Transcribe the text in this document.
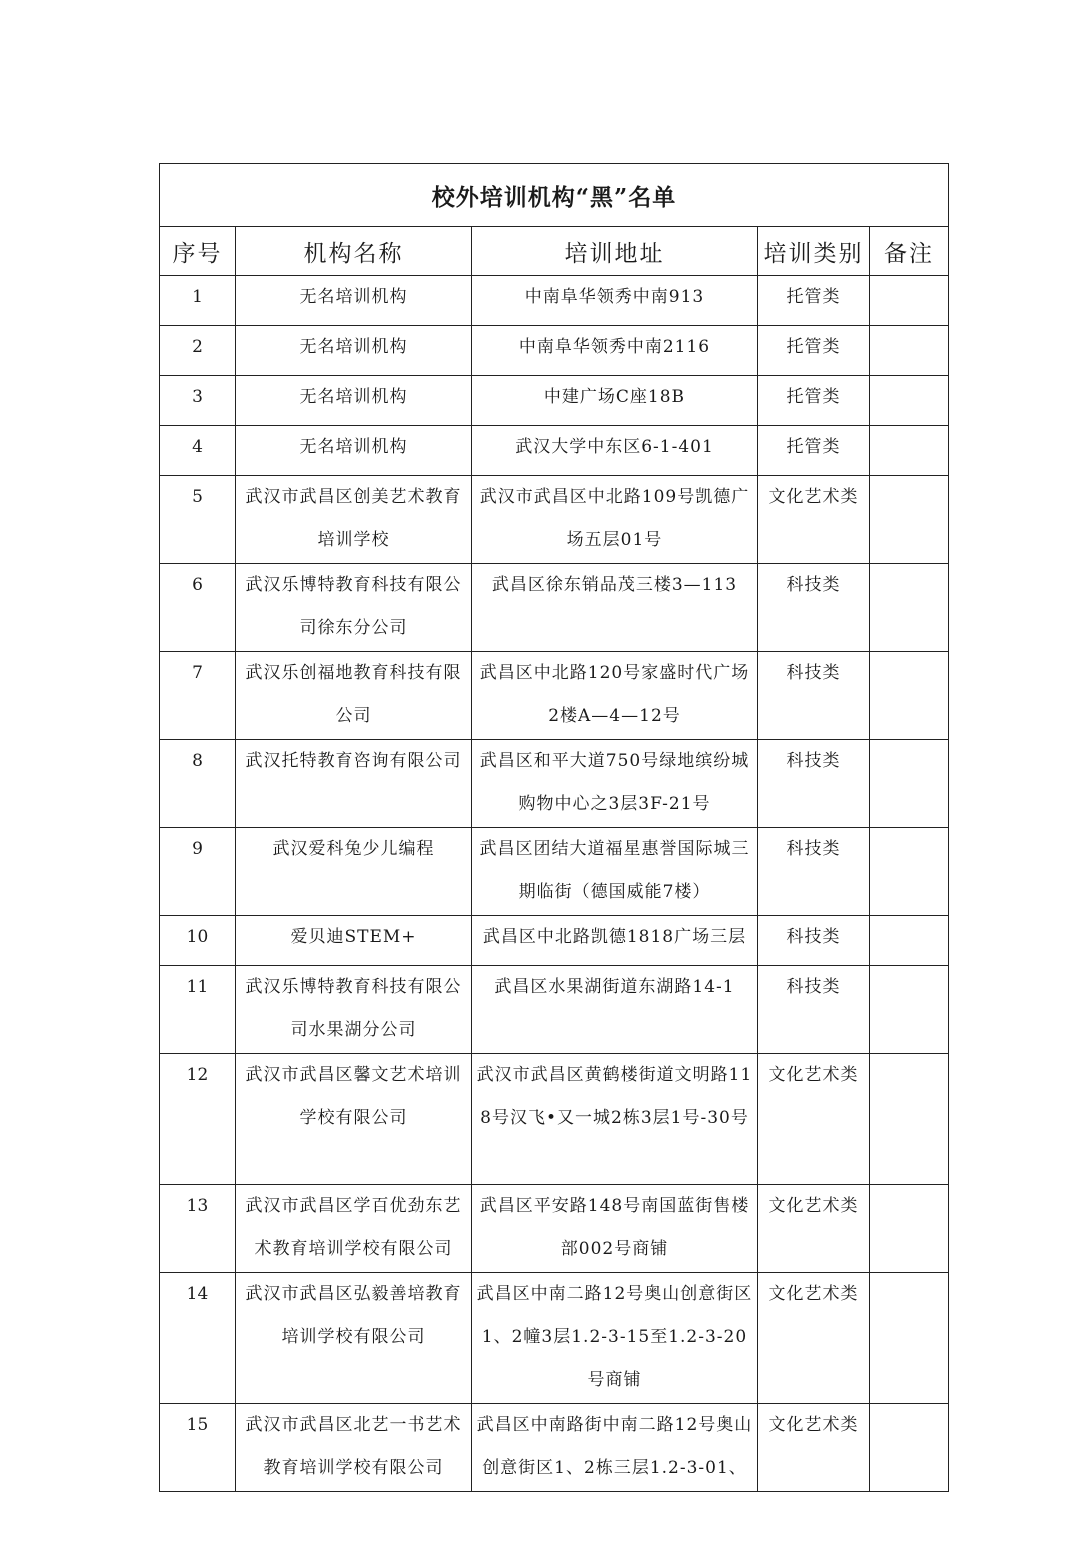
校外培训机构“黑”名单				
序号	机构名称	培训地址	培训类别	备注
1	无名培训机构	中南阜华领秀中南913	托管类	
2	无名培训机构	中南阜华领秀中南2116	托管类	
3	无名培训机构	中建广场C座18B	托管类	
4	无名培训机构	武汉大学中东区6-1-401	托管类	
5	武汉市武昌区创美艺术教育培训学校	武汉市武昌区中北路109号凯德广场五层01号	文化艺术类	
6	武汉乐博特教育科技有限公司徐东分公司	武昌区徐东销品茂三楼3—113	科技类	
7	武汉乐创福地教育科技有限公司	武昌区中北路120号家盛时代广场2楼A—4—12号	科技类	
8	武汉托特教育咨询有限公司	武昌区和平大道750号绿地缤纷城购物中心之3层3F-21号	科技类	
9	武汉爱科兔少儿编程	武昌区团结大道福星惠誉国际城三期临街（德国威能7楼）	科技类	
10	爱贝迪STEM+	武昌区中北路凯德1818广场三层	科技类	
11	武汉乐博特教育科技有限公司水果湖分公司	武昌区水果湖街道东湖路14-1	科技类	
12	武汉市武昌区馨文艺术培训学校有限公司	武汉市武昌区黄鹤楼街道文明路118号汉飞•又一城2栋3层1号-30号	文化艺术类	
13	武汉市武昌区学百优劲东艺术教育培训学校有限公司	武昌区平安路148号南国蓝街售楼部002号商铺	文化艺术类	
14	武汉市武昌区弘毅善培教育培训学校有限公司	武昌区中南二路12号奥山创意街区1、2幢3层1.2-3-15至1.2-3-20号商铺	文化艺术类	
15	武汉市武昌区北艺一书艺术教育培训学校有限公司	武昌区中南路街中南二路12号奥山创意街区1、2栋三层1.2-3-01、	文化艺术类	
